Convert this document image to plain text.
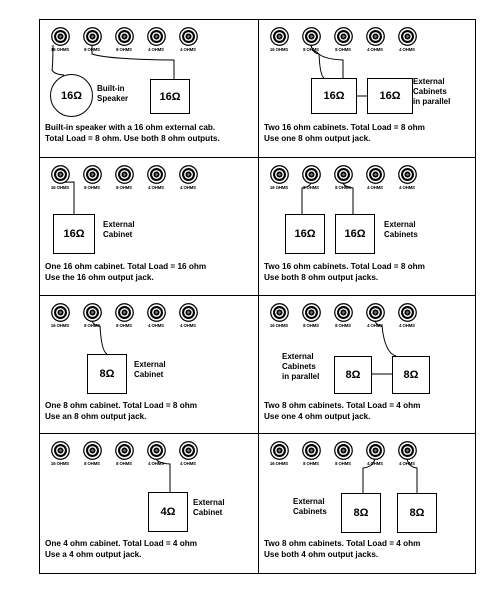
16 OHMS	8 OHMS	8 OHMS	4 OHMS	4 OHMS
16Ω	16Ω
Built-in
Speaker
Built-in speaker with a 16 ohm external cab.
Total Load = 8 ohm. Use both 8 ohm outputs.
16 OHMS	8 OHMS	8 OHMS	4 OHMS	4 OHMS
16Ω	16Ω
External
Cabinets
in parallel
Two 16 ohm cabinets. Total Load = 8 ohm
Use one 8 ohm output jack.
16 OHMS	8 OHMS	8 OHMS	4 OHMS	4 OHMS
16Ω
External
Cabinet
One 16 ohm cabinet. Total Load = 16 ohm
Use the 16 ohm output jack.
16 OHMS	8 OHMS	8 OHMS	4 OHMS	4 OHMS
16Ω	16Ω
External
Cabinets
Two 16 ohm cabinets. Total Load = 8 ohm
Use both 8 ohm output jacks.
16 OHMS	8 OHMS	8 OHMS	4 OHMS	4 OHMS
8Ω
External
Cabinet
One 8 ohm cabinet. Total Load = 8 ohm
Use an 8 ohm output jack.
16 OHMS	8 OHMS	8 OHMS	4 OHMS	4 OHMS
8Ω	8Ω
External
Cabinets
in parallel
Two 8 ohm cabinets. Total Load = 4 ohm
Use one 4 ohm output jack.
16 OHMS	8 OHMS	8 OHMS	4 OHMS	4 OHMS
4Ω
External
Cabinet
One 4 ohm cabinet. Total Load = 4 ohm
Use a 4 ohm output jack.
16 OHMS	8 OHMS	8 OHMS	4 OHMS	4 OHMS
8Ω	8Ω
External
Cabinets
Two 8 ohm cabinets. Total Load = 4 ohm
Use both 4 ohm output jacks.
